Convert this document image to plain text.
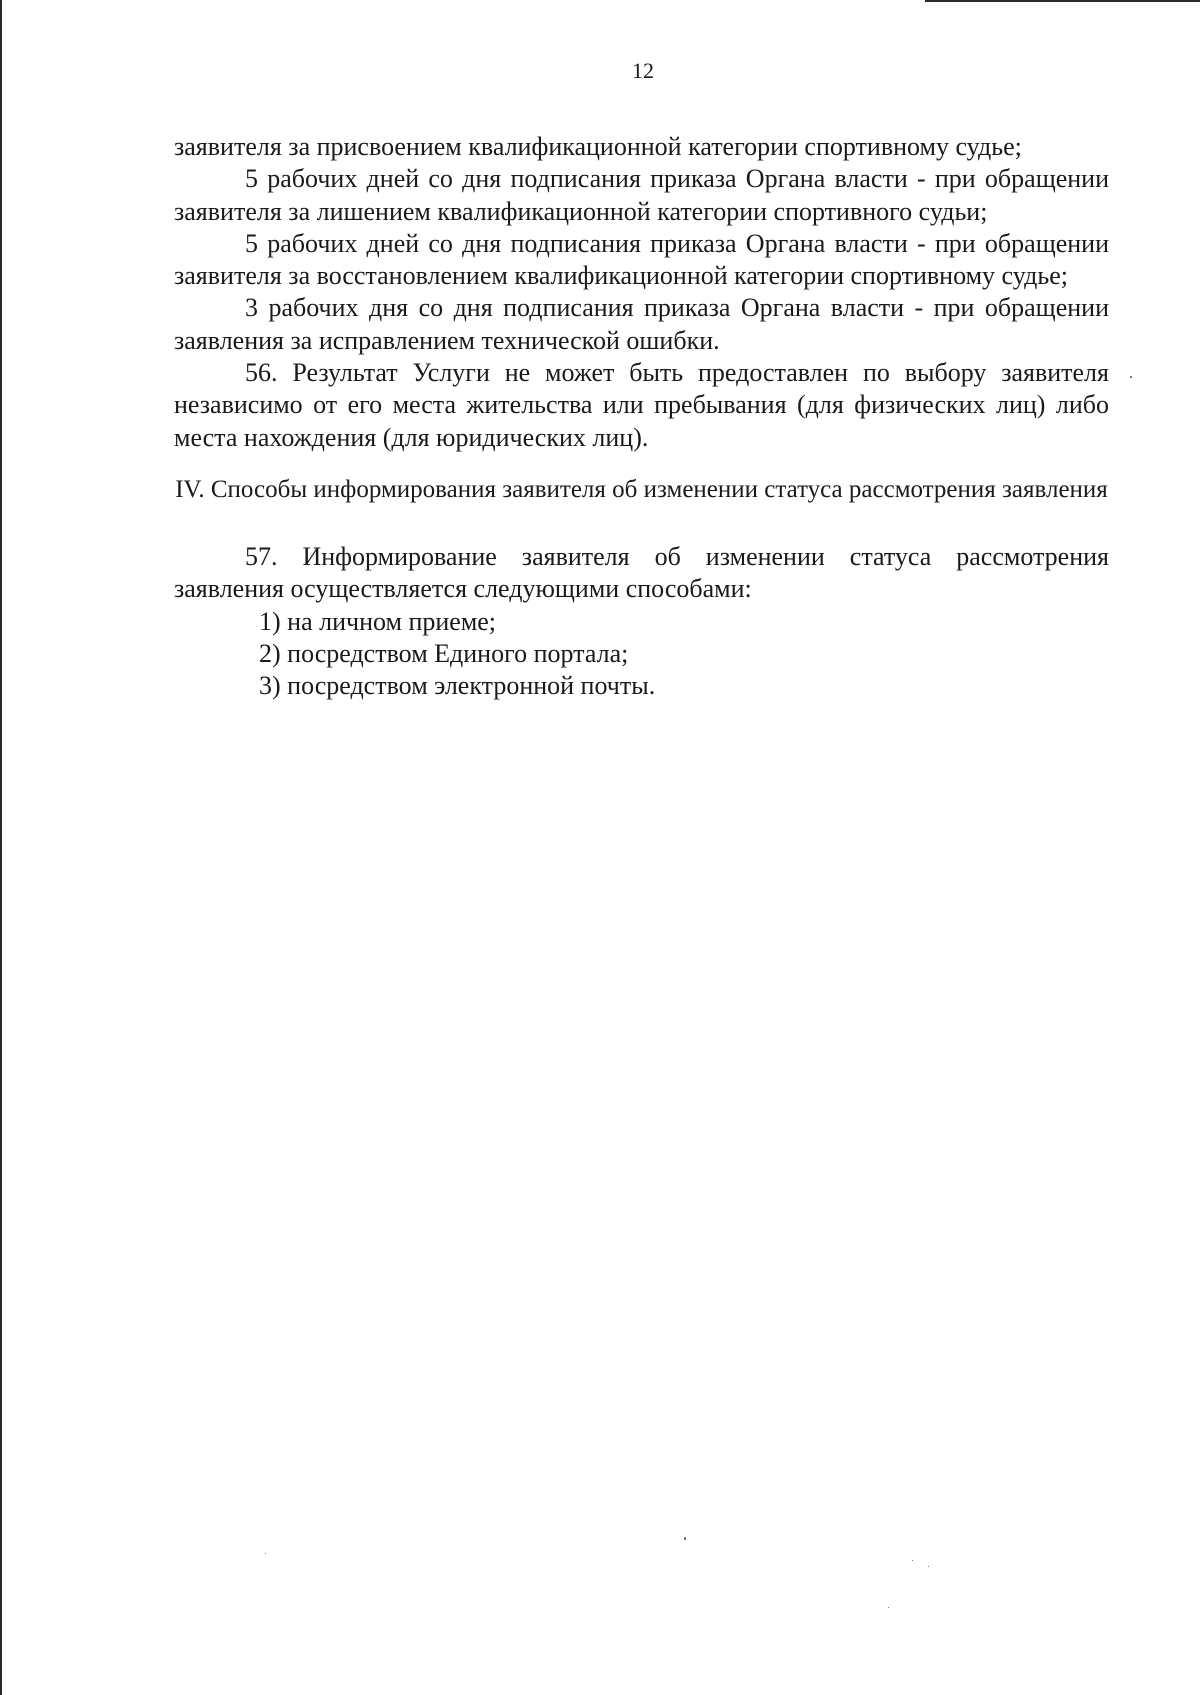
12

заявителя за присвоением квалификационной категории спортивному судье;

5 рабочих дней со дня подписания приказа Органа власти - при обращении заявителя за лишением квалификационной категории спортивного судьи;

5 рабочих дней со дня подписания приказа Органа власти - при обращении заявителя за восстановлением квалификационной категории спортивному судье;

3 рабочих дня со дня подписания приказа Органа власти - при обращении заявления за исправлением технической ошибки.

56. Результат Услуги не может быть предоставлен по выбору заявителя независимо от его места жительства или пребывания (для физических лиц) либо места нахождения (для юридических лиц).

IV. Способы информирования заявителя об изменении статуса рассмотрения заявления

57. Информирование заявителя об изменении статуса рассмотрения заявления осуществляется следующими способами:

1) на личном приеме;

2) посредством Единого портала;

3) посредством электронной почты.
